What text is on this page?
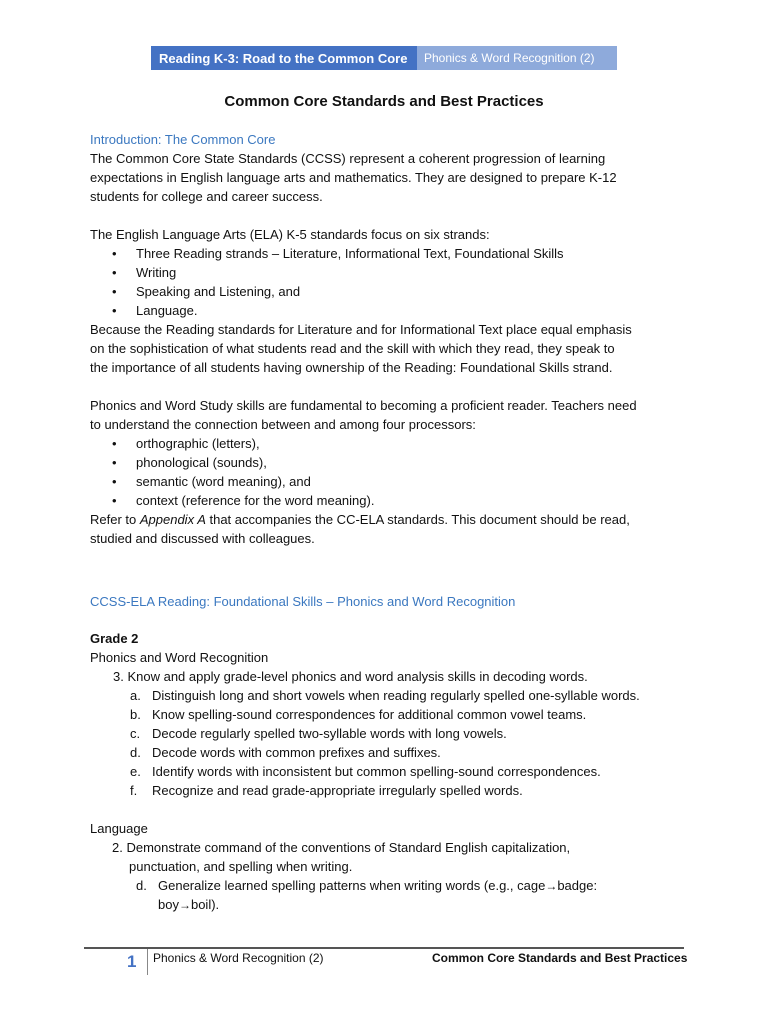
Reading K-3: Road to the Common Core	Phonics & Word Recognition (2)
Common Core Standards and Best Practices
Introduction: The Common Core
The Common Core State Standards (CCSS) represent a coherent progression of learning
expectations in English language arts and mathematics. They are designed to prepare K-12
students for college and career success.
The English Language Arts (ELA) K-5 standards focus on six strands:
• Three Reading strands – Literature, Informational Text, Foundational Skills
• Writing
• Speaking and Listening, and
• Language.
Because the Reading standards for Literature and for Informational Text place equal emphasis
on the sophistication of what students read and the skill with which they read, they speak to
the importance of all students having ownership of the Reading: Foundational Skills strand.
Phonics and Word Study skills are fundamental to becoming a proficient reader. Teachers need
to understand the connection between and among four processors:
• orthographic (letters),
• phonological (sounds),
• semantic (word meaning), and
• context (reference for the word meaning).
Refer to Appendix A that accompanies the CC-ELA standards. This document should be read,
studied and discussed with colleagues.
CCSS-ELA Reading: Foundational Skills – Phonics and Word Recognition
Grade 2
Phonics and Word Recognition
3. Know and apply grade-level phonics and word analysis skills in decoding words.
a. Distinguish long and short vowels when reading regularly spelled one-syllable words.
b. Know spelling-sound correspondences for additional common vowel teams.
c. Decode regularly spelled two-syllable words with long vowels.
d. Decode words with common prefixes and suffixes.
e. Identify words with inconsistent but common spelling-sound correspondences.
f. Recognize and read grade-appropriate irregularly spelled words.
Language
2. Demonstrate command of the conventions of Standard English capitalization,
punctuation, and spelling when writing.
d. Generalize learned spelling patterns when writing words (e.g., cage→badge:
boy→boil).
1 Phonics & Word Recognition (2)	Common Core Standards and Best Practices
